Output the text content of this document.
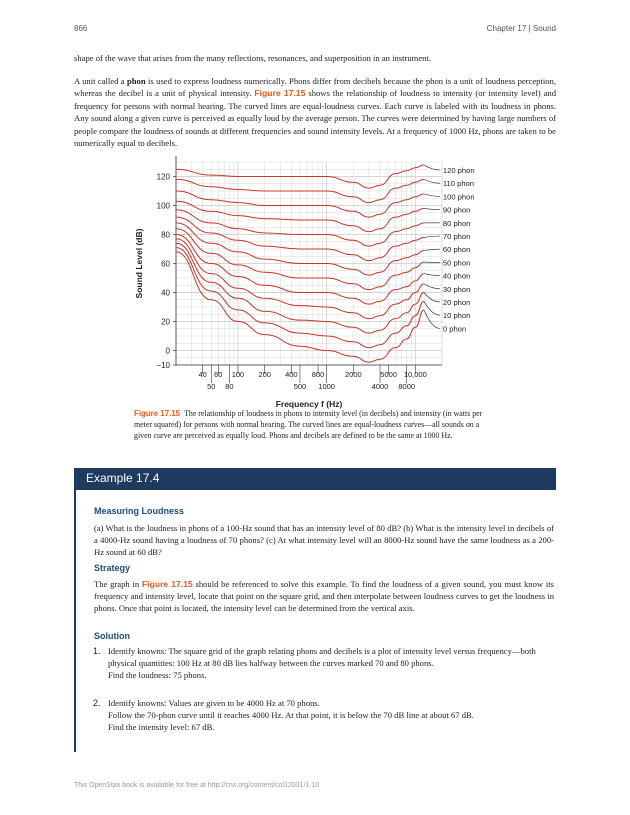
866	Chapter 17 | Sound
shape of the wave that arises from the many reflections, resonances, and superposition in an instrument.
A unit called a phon is used to express loudness numerically. Phons differ from decibels because the phon is a unit of loudness perception, whereas the decibel is a unit of physical intensity. Figure 17.15 shows the relationship of loudness to intensity (or intensity level) and frequency for persons with normal hearing. The curved lines are equal-loudness curves. Each curve is labeled with its loudness in phons. Any sound along a given curve is perceived as equally loud by the average person. The curves were determined by having large numbers of people compare the loudness of sounds at different frequencies and sound intensity levels. At a frequency of 1000 Hz, phons are taken to be numerically equal to decibels.
120
100
80
60
40
20
0
−10
40 60 100 200 400 800	2000 5000 10,000
50 80	500 1000	4000 8000
Frequency f (Hz)
Sound Level (dB)
120 phon
110 phon
100 phon
90 phon
80 phon
70 phon
60 phon
50 phon
40 phon
30 phon
20 phon
10 phon
0 phon
Figure 17.15 The relationship of loudness in phons to intensity level (in decibels) and intensity (in watts per meter squared) for persons with normal hearing. The curved lines are equal-loudness curves—all sounds on a given curve are perceived as equally loud. Phons and decibels are defined to be the same at 1000 Hz.
Example 17.4
Measuring Loudness
(a) What is the loudness in phons of a 100-Hz sound that has an intensity level of 80 dB? (b) What is the intensity level in decibels of a 4000-Hz sound having a loudness of 70 phons? (c) At what intensity level will an 8000-Hz sound have the same loudness as a 200-Hz sound at 60 dB?
Strategy
The graph in Figure 17.15 should be referenced to solve this example. To find the loudness of a given sound, you must know its frequency and intensity level, locate that point on the square grid, and then interpolate between loudness curves to get the loudness in phons. Once that point is located, the intensity level can be determined from the vertical axis.
Solution
1. Identify knowns: The square grid of the graph relating phons and decibels is a plot of intensity level versus frequency—both physical quantities: 100 Hz at 80 dB lies halfway between the curves marked 70 and 80 phons.
Find the loudness: 75 phons.
2. Identify knowns: Values are given to be 4000 Hz at 70 phons.
Follow the 70-phon curve until it reaches 4000 Hz. At that point, it is below the 70 dB line at about 67 dB.
Find the intensity level: 67 dB.
This OpenStax book is available for free at http://cnx.org/content/col12031/1.10
